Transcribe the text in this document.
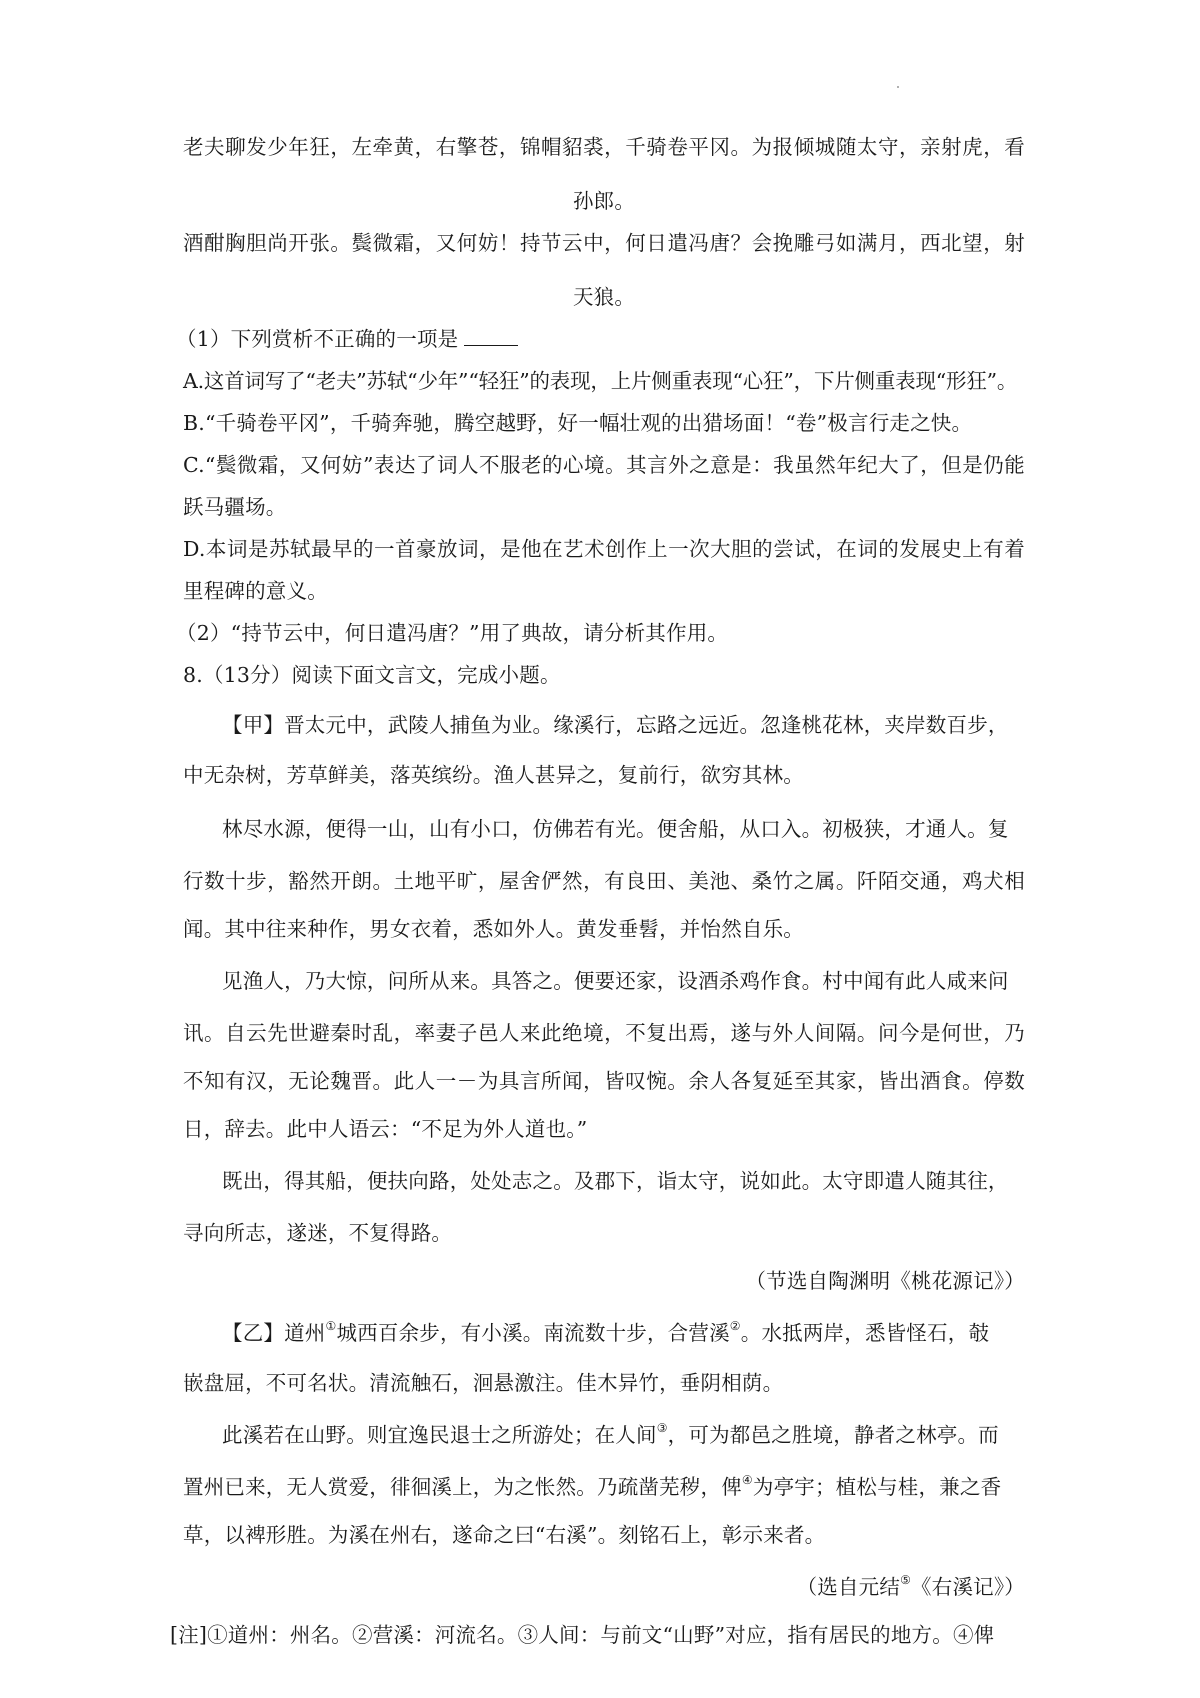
老夫聊发少年狂，左牵黄，右擎苍，锦帽貂裘，千骑卷平冈。为报倾城随太守，亲射虎，看
孙郎。
酒酣胸胆尚开张。鬓微霜，又何妨！持节云中，何日遣冯唐？会挽雕弓如满月，西北望，射
天狼。
（1）下列赏析不正确的一项是
A.这首词写了“老夫”苏轼“少年”“轻狂”的表现，上片侧重表现“心狂”，下片侧重表现“形狂”。
B.“千骑卷平冈”，千骑奔驰，腾空越野，好一幅壮观的出猎场面！“卷”极言行走之快。
C.“鬓微霜，又何妨”表达了词人不服老的心境。其言外之意是：我虽然年纪大了，但是仍能
跃马疆场。
D.本词是苏轼最早的一首豪放词，是他在艺术创作上一次大胆的尝试，在词的发展史上有着
里程碑的意义。
（2）“持节云中，何日遣冯唐？”用了典故，请分析其作用。
8.（13分）阅读下面文言文，完成小题。
【甲】晋太元中，武陵人捕鱼为业。缘溪行，忘路之远近。忽逢桃花林，夹岸数百步，
中无杂树，芳草鲜美，落英缤纷。渔人甚异之，复前行，欲穷其林。
林尽水源，便得一山，山有小口，仿佛若有光。便舍船，从口入。初极狭，才通人。复
行数十步，豁然开朗。土地平旷，屋舍俨然，有良田、美池、桑竹之属。阡陌交通，鸡犬相
闻。其中往来种作，男女衣着，悉如外人。黄发垂髫，并怡然自乐。
见渔人，乃大惊，问所从来。具答之。便要还家，设酒杀鸡作食。村中闻有此人咸来问
讯。自云先世避秦时乱，率妻子邑人来此绝境，不复出焉，遂与外人间隔。问今是何世，乃
不知有汉，无论魏晋。此人一－为具言所闻，皆叹惋。余人各复延至其家，皆出酒食。停数
日，辞去。此中人语云：“不足为外人道也。”
既出，得其船，便扶向路，处处志之。及郡下，诣太守，说如此。太守即遣人随其往，
寻向所志，遂迷，不复得路。
（节选自陶渊明《桃花源记》）
【乙】道州①城西百余步，有小溪。南流数十步，合营溪②。水抵两岸，悉皆怪石，攲
嵌盘屈，不可名状。清流触石，洄悬激注。佳木异竹，垂阴相荫。
此溪若在山野。则宜逸民退士之所游处；在人间③，可为都邑之胜境，静者之林亭。而
置州已来，无人赏爱，徘徊溪上，为之怅然。乃疏凿芜秽，俾④为亭宇；植松与桂，兼之香
草，以裨形胜。为溪在州右，遂命之曰“右溪”。刻铭石上，彰示来者。
（选自元结⑤《右溪记》）
[注]①道州：州名。②营溪：河流名。③人间：与前文“山野”对应，指有居民的地方。④俾
